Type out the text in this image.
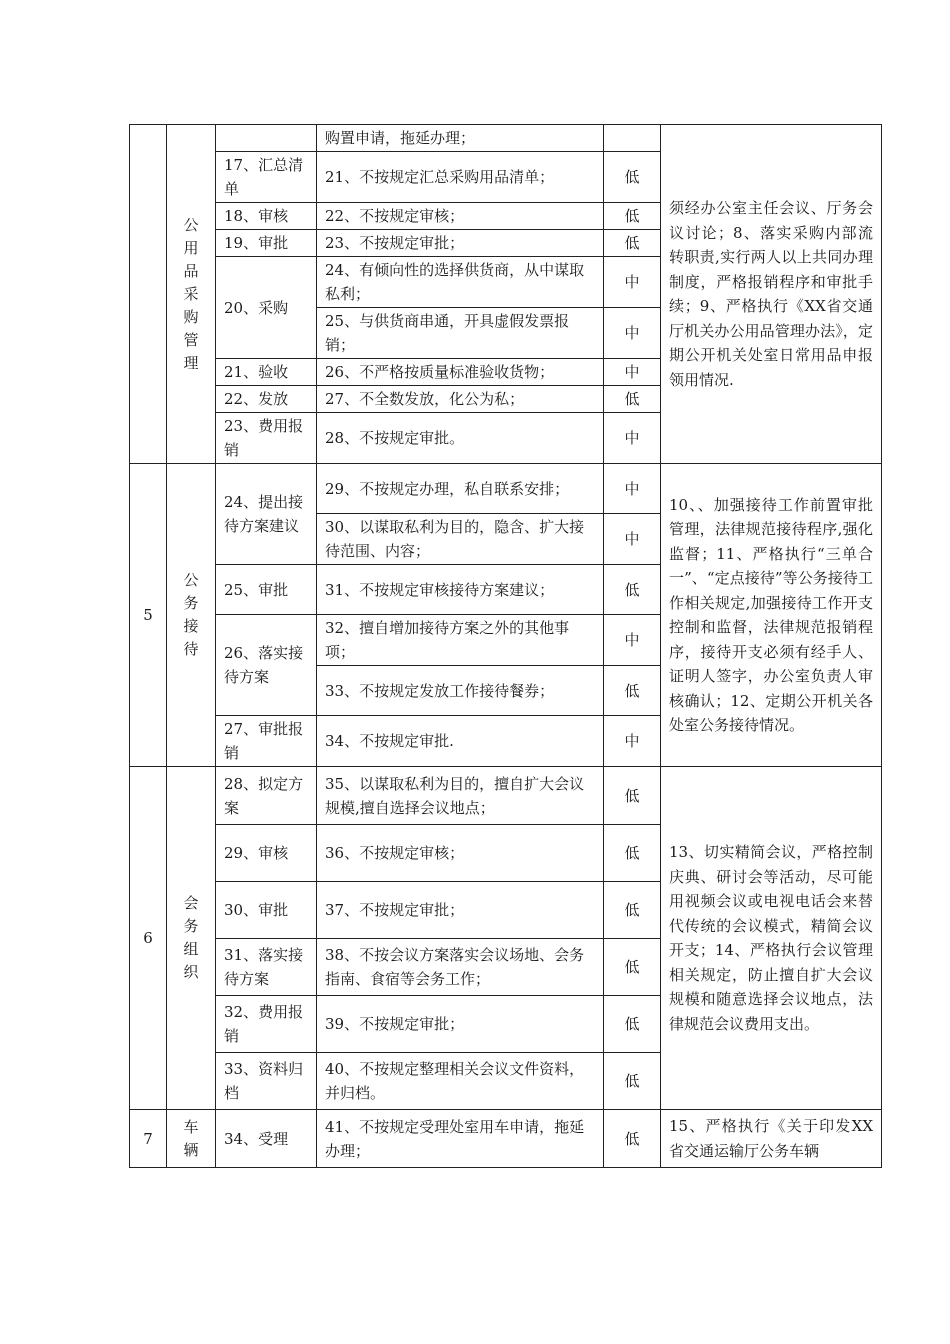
	公用品采购管理		购置申请，拖延办理；		须经办公室主任会议、厅务会议讨论；8、落实采购内部流转职责,实行两人以上共同办理制度，严格报销程序和审批手续；9、严格执行《XX省交通厅机关办公用品管理办法》，定期公开机关处室日常用品申报领用情况.
		17、汇总清单	21、不按规定汇总采购用品清单；	低	
		18、审核	22、不按规定审核；	低	
		19、审批	23、不按规定审批；	低	
		20、采购	24、有倾向性的选择供货商，从中谋取私利；	中	
			25、与供货商串通，开具虚假发票报销；	中	
		21、验收	26、不严格按质量标准验收货物；	中	
		22、发放	27、不全数发放，化公为私；	低	
		23、费用报销	28、不按规定审批。	中	
5	公务接待	24、提出接待方案建议	29、不按规定办理，私自联系安排；	中	10、、加强接待工作前置审批管理，法律规范接待程序,强化监督；11、严格执行“三单合一”、“定点接待”等公务接待工作相关规定,加强接待工作开支控制和监督，法律规范报销程序，接待开支必须有经手人、证明人签字，办公室负责人审核确认；12、定期公开机关各处室公务接待情况。
			30、以谋取私利为目的，隐含、扩大接待范围、内容；	中	
		25、审批	31、不按规定审核接待方案建议；	低	
		26、落实接待方案	32、擅自增加接待方案之外的其他事项；	中	
			33、不按规定发放工作接待餐券；	低	
		27、审批报销	34、不按规定审批.	中	
6	会务组织	28、拟定方案	35、以谋取私利为目的，擅自扩大会议规模,擅自选择会议地点；	低	13、切实精简会议，严格控制庆典、研讨会等活动，尽可能用视频会议或电视电话会来替代传统的会议模式，精简会议开支；14、严格执行会议管理相关规定，防止擅自扩大会议规模和随意选择会议地点，法律规范会议费用支出。
		29、审核	36、不按规定审核；	低	
		30、审批	37、不按规定审批；	低	
		31、落实接待方案	38、不按会议方案落实会议场地、会务指南、食宿等会务工作；	低	
		32、费用报销	39、不按规定审批；	低	
		33、资料归档	40、不按规定整理相关会议文件资料，并归档。	低	
7	车辆	34、受理	41、不按规定受理处室用车申请，拖延办理；	低	15、严格执行《关于印发XX省交通运输厅公务车辆
